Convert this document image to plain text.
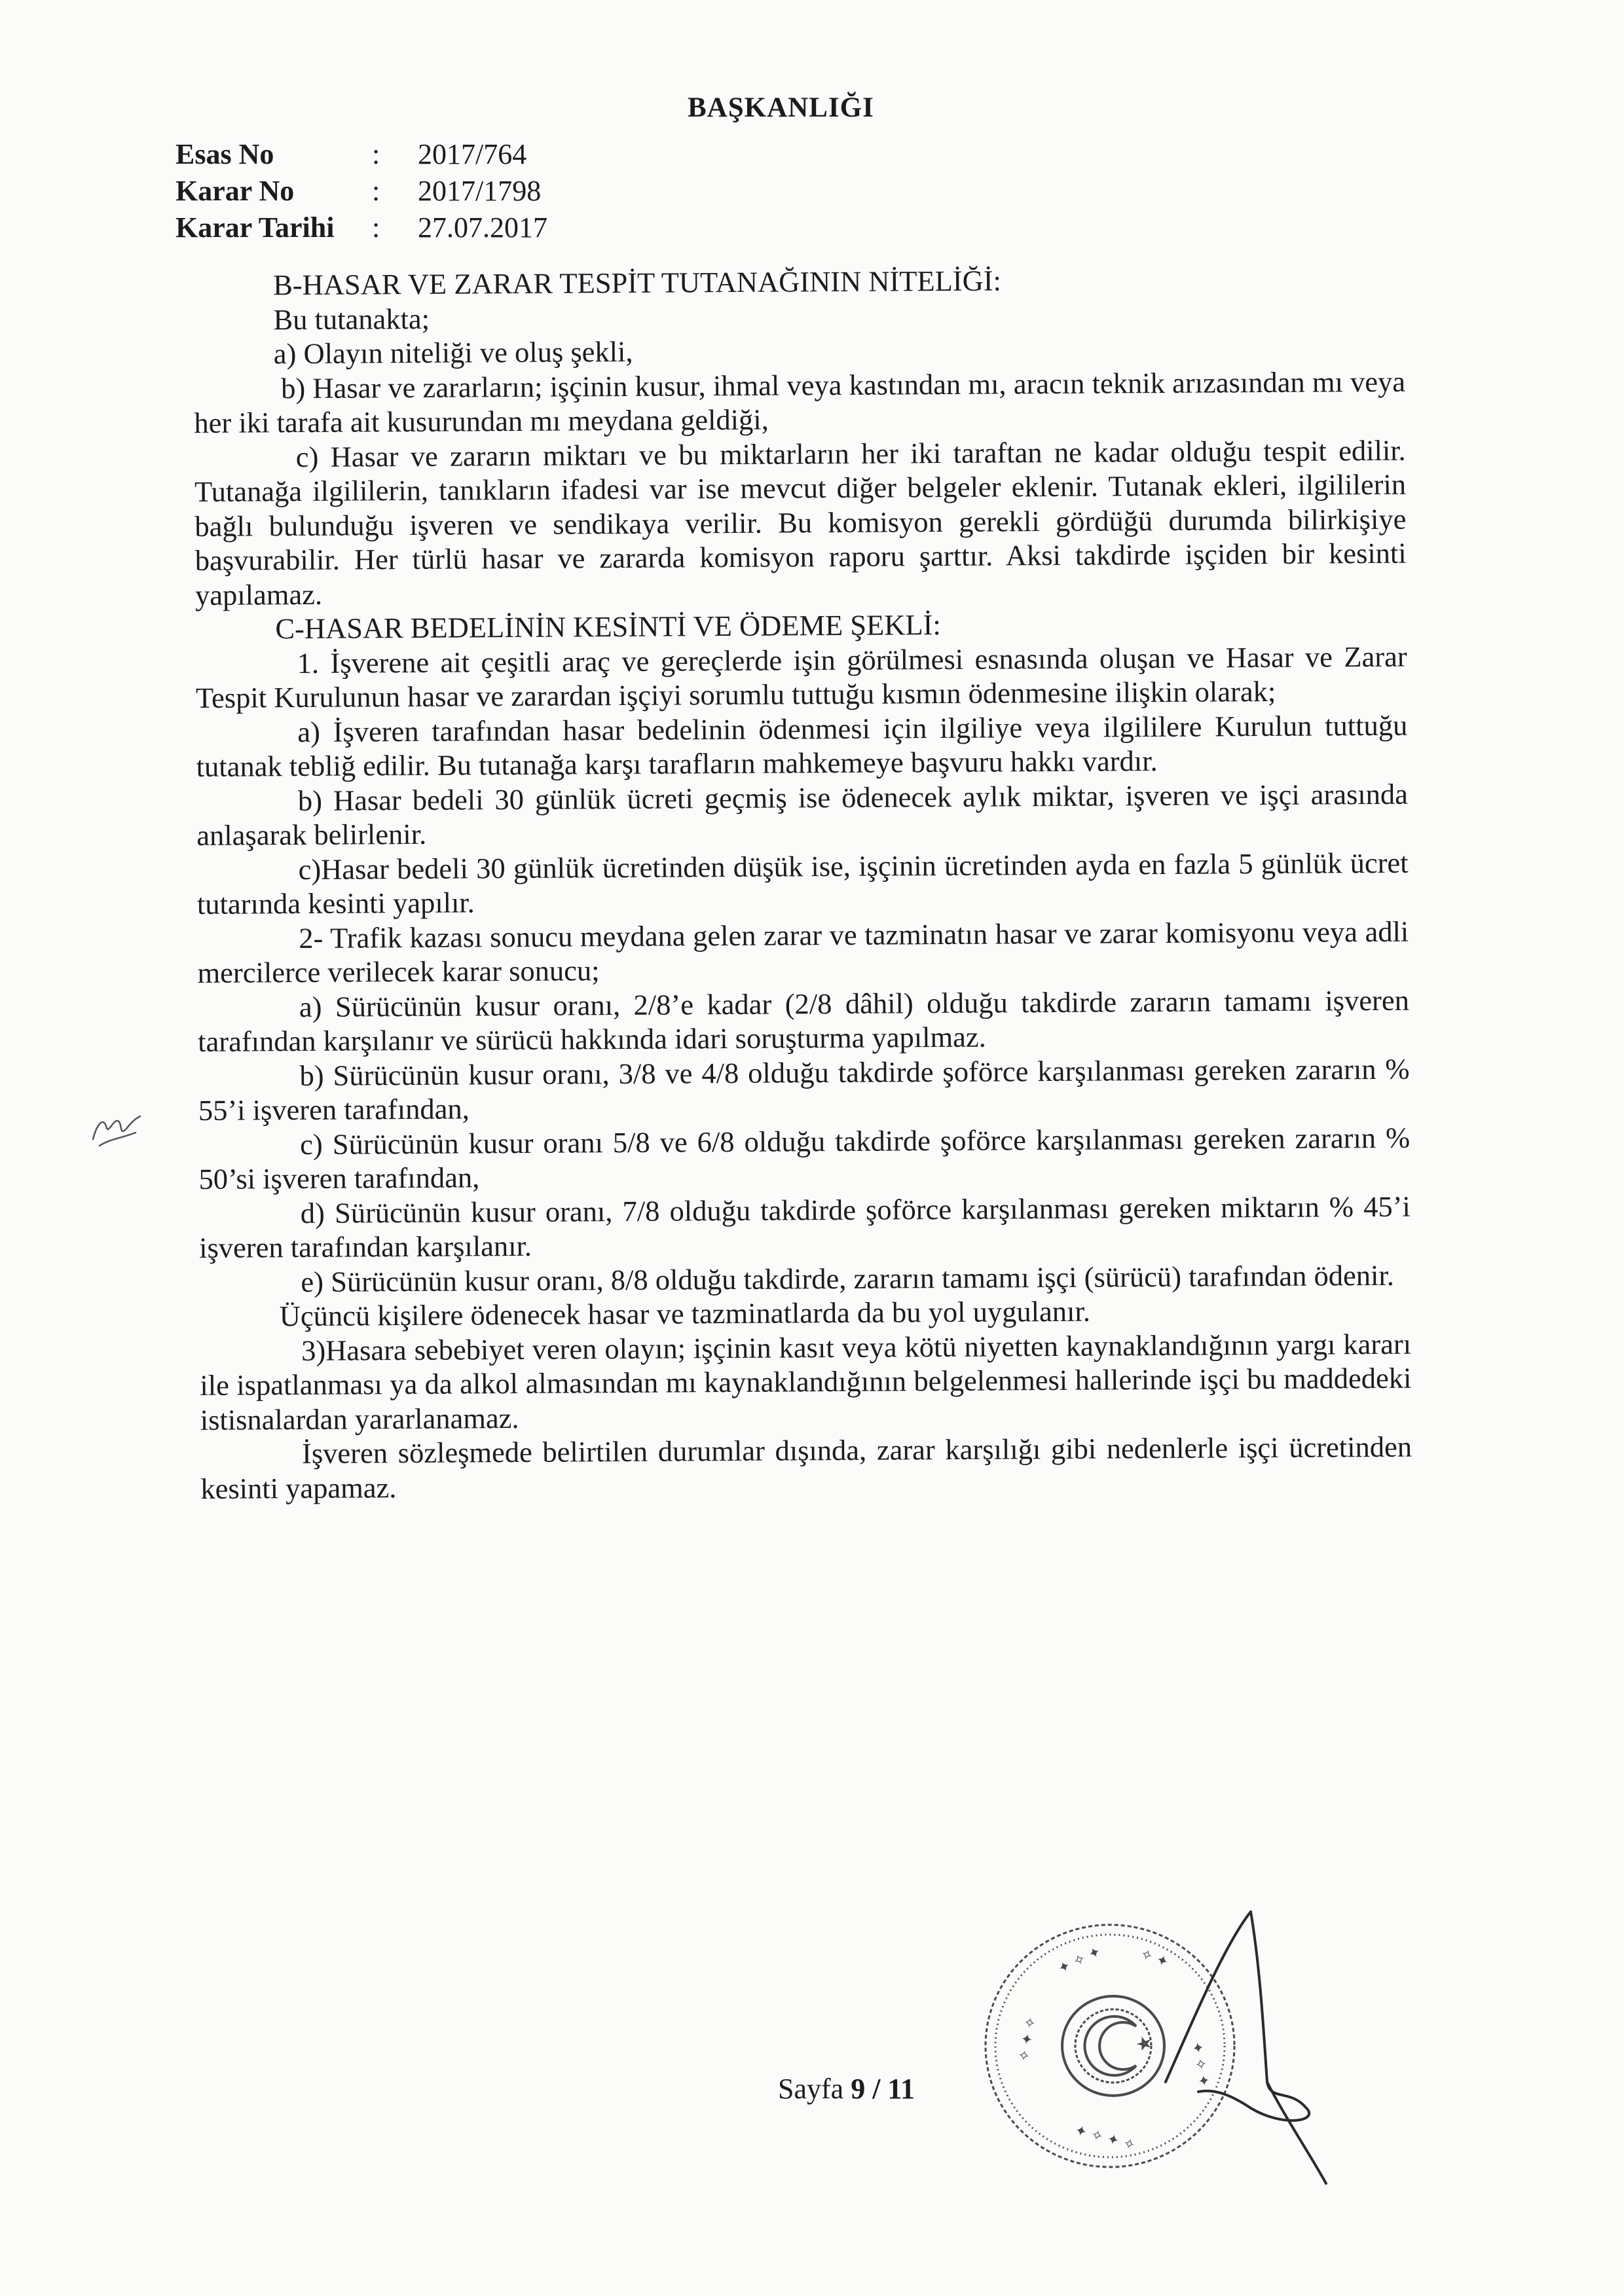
BAŞKANLIĞI
Esas No	:	2017/764
Karar No	:	2017/1798
Karar Tarihi	:	27.07.2017

B-HASAR VE ZARAR TESPİT TUTANAĞININ NİTELİĞİ:

Bu tutanakta;

a) Olayın niteliği ve oluş şekli,

b) Hasar ve zararların; işçinin kusur, ihmal veya kastından mı, aracın teknik arızasından mı veya her iki tarafa ait kusurundan mı meydana geldiği,

c) Hasar ve zararın miktarı ve bu miktarların her iki taraftan ne kadar olduğu tespit edilir. Tutanağa ilgililerin, tanıkların ifadesi var ise mevcut diğer belgeler eklenir. Tutanak ekleri, ilgililerin bağlı bulunduğu işveren ve sendikaya verilir. Bu komisyon gerekli gördüğü durumda bilirkişiye başvurabilir. Her türlü hasar ve zararda komisyon raporu şarttır. Aksi takdirde işçiden bir kesinti yapılamaz.

C-HASAR BEDELİNİN KESİNTİ VE ÖDEME ŞEKLİ:

1. İşverene ait çeşitli araç ve gereçlerde işin görülmesi esnasında oluşan ve Hasar ve Zarar Tespit Kurulunun hasar ve zarardan işçiyi sorumlu tuttuğu kısmın ödenmesine ilişkin olarak;

a) İşveren tarafından hasar bedelinin ödenmesi için ilgiliye veya ilgililere Kurulun tuttuğu tutanak tebliğ edilir. Bu tutanağa karşı tarafların mahkemeye başvuru hakkı vardır.

b) Hasar bedeli 30 günlük ücreti geçmiş ise ödenecek aylık miktar, işveren ve işçi arasında anlaşarak belirlenir.

c)Hasar bedeli 30 günlük ücretinden düşük ise, işçinin ücretinden ayda en fazla 5 günlük ücret tutarında kesinti yapılır.

2- Trafik kazası sonucu meydana gelen zarar ve tazminatın hasar ve zarar komisyonu veya adli mercilerce verilecek karar sonucu;

a) Sürücünün kusur oranı, 2/8’e kadar (2/8 dâhil) olduğu takdirde zararın tamamı işveren tarafından karşılanır ve sürücü hakkında idari soruşturma yapılmaz.

b) Sürücünün kusur oranı, 3/8 ve 4/8 olduğu takdirde şoförce karşılanması gereken zararın % 55’i işveren tarafından,

c) Sürücünün kusur oranı 5/8 ve 6/8 olduğu takdirde şoförce karşılanması gereken zararın % 50’si işveren tarafından,

d) Sürücünün kusur oranı, 7/8 olduğu takdirde şoförce karşılanması gereken miktarın % 45’i işveren tarafından karşılanır.

e) Sürücünün kusur oranı, 8/8 olduğu takdirde, zararın tamamı işçi (sürücü) tarafından ödenir.

Üçüncü kişilere ödenecek hasar ve tazminatlarda da bu yol uygulanır.

3)Hasara sebebiyet veren olayın; işçinin kasıt veya kötü niyetten kaynaklandığının yargı kararı ile ispatlanması ya da alkol almasından mı kaynaklandığının belgelenmesi hallerinde işçi bu maddedeki istisnalardan yararlanamaz.

İşveren sözleşmede belirtilen durumlar dışında, zarar karşılığı gibi nedenlerle işçi ücretinden kesinti yapamaz.

Sayfa 9 / 11
✦ ✧ ✦ ✧ ✦
✦ ✧ ✦
✧ ✦ ✧
✦ ✧ ✦ ✧
